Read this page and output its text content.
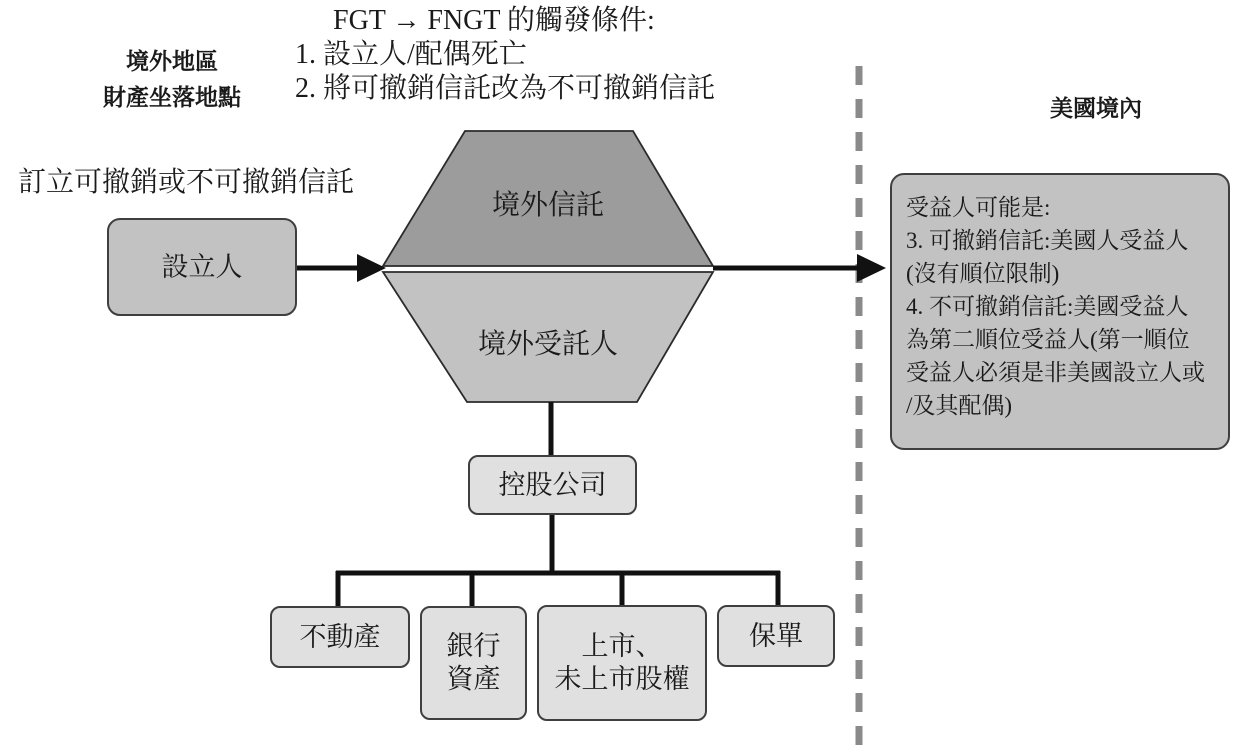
FGT → FNGT 的觸發條件:
1. 設立人/配偶死亡
2. 將可撤銷信託改為不可撤銷信託
境外地區
財產坐落地點
訂立可撤銷或不可撤銷信託
美國境內
設立人
境外信託
境外受託人
控股公司
不動產 銀行
資產
上市、
未上市股權
保單
受益人可能是:
3. 可撤銷信託:美國人受益人
(沒有順位限制)
4. 不可撤銷信託:美國受益人
為第二順位受益人(第一順位
受益人必須是非美國設立人或
/及其配偶)
